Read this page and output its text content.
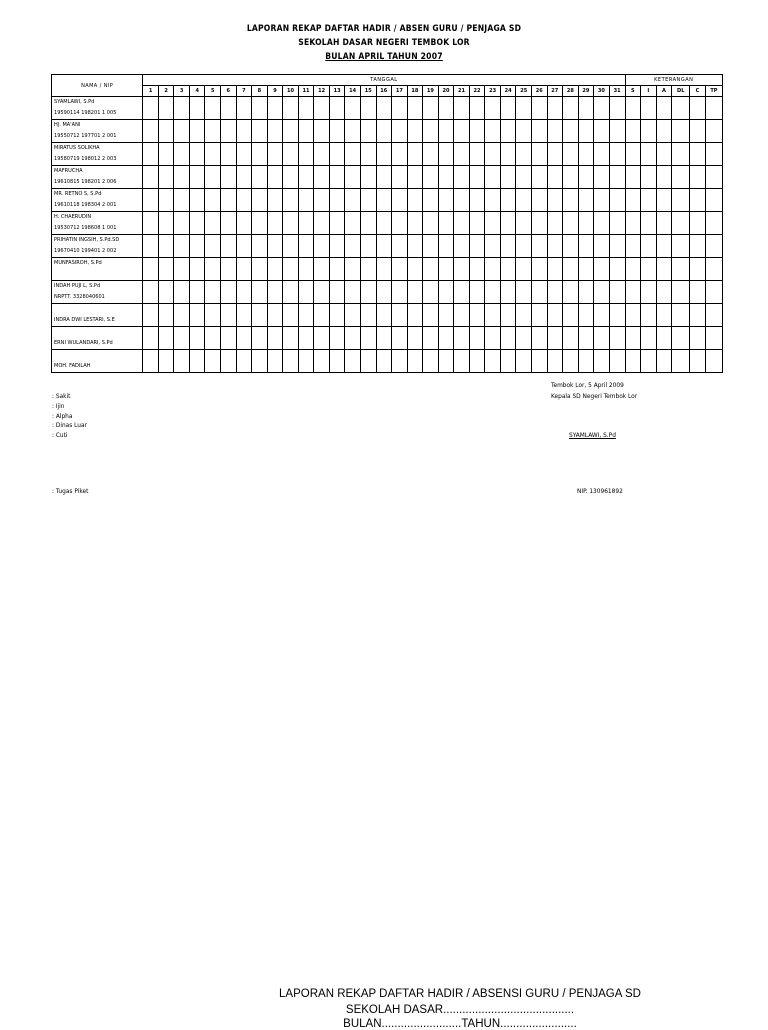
LAPORAN REKAP DAFTAR HADIR / ABSEN GURU / PENJAGA SD
SEKOLAH DASAR NEGERI TEMBOK LOR
BULAN APRIL TAHUN 2007
NAMA / NIP	TANGGAL																															KETERANGAN					
	1	2	3	4	5	6	7	8	9	10	11	12	13	14	15	16	17	18	19	20	21	22	23	24	25	26	27	28	29	30	31	S	I	A	DL	C	TP

SYAMLAWI, S.Pd
19590114 198201 1 005																																					

HJ. MA'ANI
19550712 197701 2 001																																					

MIRATUS SOLIKHA
19580719 198012 2 003																																					

MAFRUCHA
19610815 198201 2 006																																					

MR. RETNO S, S.Pd
19610118 198304 2 001																																					

H. CHAERUDIN
19530712 198608 1 001																																					

PRIHATIN INGSIH, S.Pd.SD
19670410 199401 2 002																																					

MUNFASIROH, S.Pd																																					

INDAH PUJI L, S.Pd
NRPTT. 3328040601																																					

INDRA DWI LESTARI, S.E																																					

ERNI WULANDARI, S.Pd																																					

MOH. FADILAH																																					

: Sakit
: Ijin
: Alpha
: Dinas Luar
: Cuti
: Tugas Piket
Tembok Lor, 5 April 2009
Kepala SD Negeri Tembok Lor
SYAMLAWI, S.Pd
NIP. 130961892
LAPORAN REKAP DAFTAR HADIR / ABSENSI GURU / PENJAGA SD
SEKOLAH DASAR.........................................
BULAN.........................TAHUN........................
